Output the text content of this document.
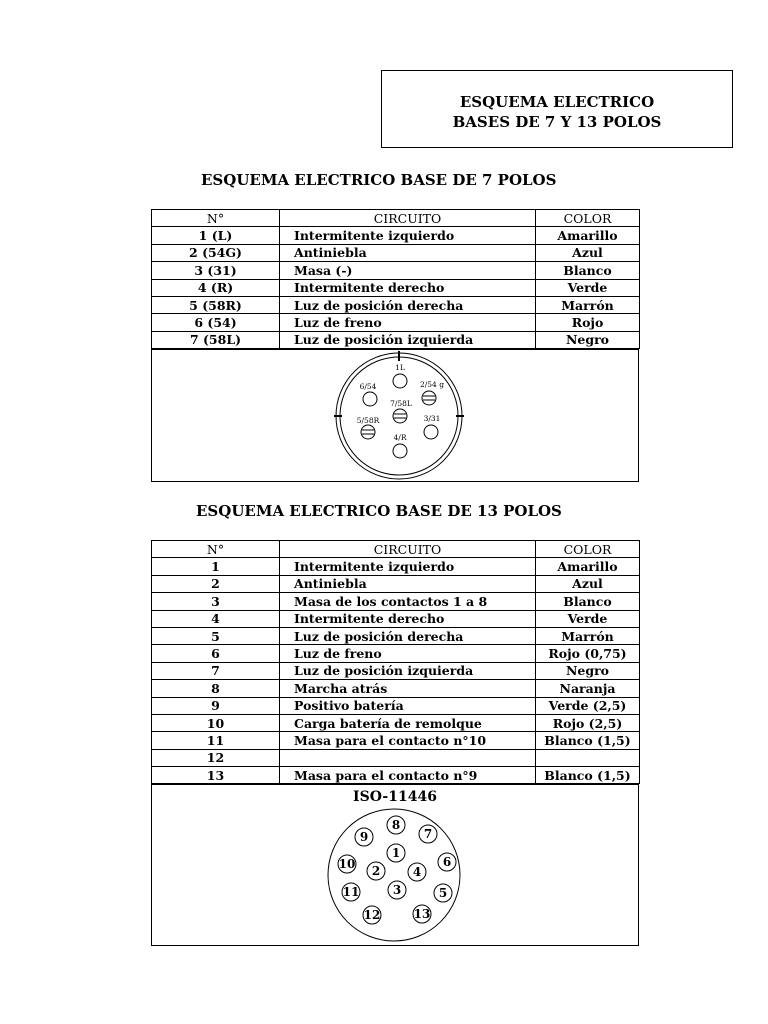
ESQUEMA ELECTRICO
BASES DE 7 Y 13 POLOS
ESQUEMA ELECTRICO BASE DE 7 POLOS
N°	CIRCUITO	COLOR
1 (L)	Intermitente izquierdo	Amarillo
2 (54G)	Antiniebla	Azul
3 (31)	Masa (-)	Blanco
4 (R)	Intermitente derecho	Verde
5 (58R)	Luz de posición derecha	Marrón
6 (54)	Luz de freno	Rojo
7 (58L)	Luz de posición izquierda	Negro
1L
2/54 g
3/31
4/R
5/58R
6/54
7/58L
ESQUEMA ELECTRICO BASE DE 13 POLOS
N°	CIRCUITO	COLOR
1	Intermitente izquierdo	Amarillo
2	Antiniebla	Azul
3	Masa de los contactos 1 a 8	Blanco
4	Intermitente derecho	Verde
5	Luz de posición derecha	Marrón
6	Luz de freno	Rojo (0,75)
7	Luz de posición izquierda	Negro
8	Marcha atrás	Naranja
9	Positivo batería	Verde (2,5)
10	Carga batería de remolque	Rojo (2,5)
11	Masa para el contacto n°10	Blanco (1,5)
12		
13	Masa para el contacto n°9	Blanco (1,5)
ISO-11446
1
2
3
4
5
6
7
8
9
10
11
12	13
